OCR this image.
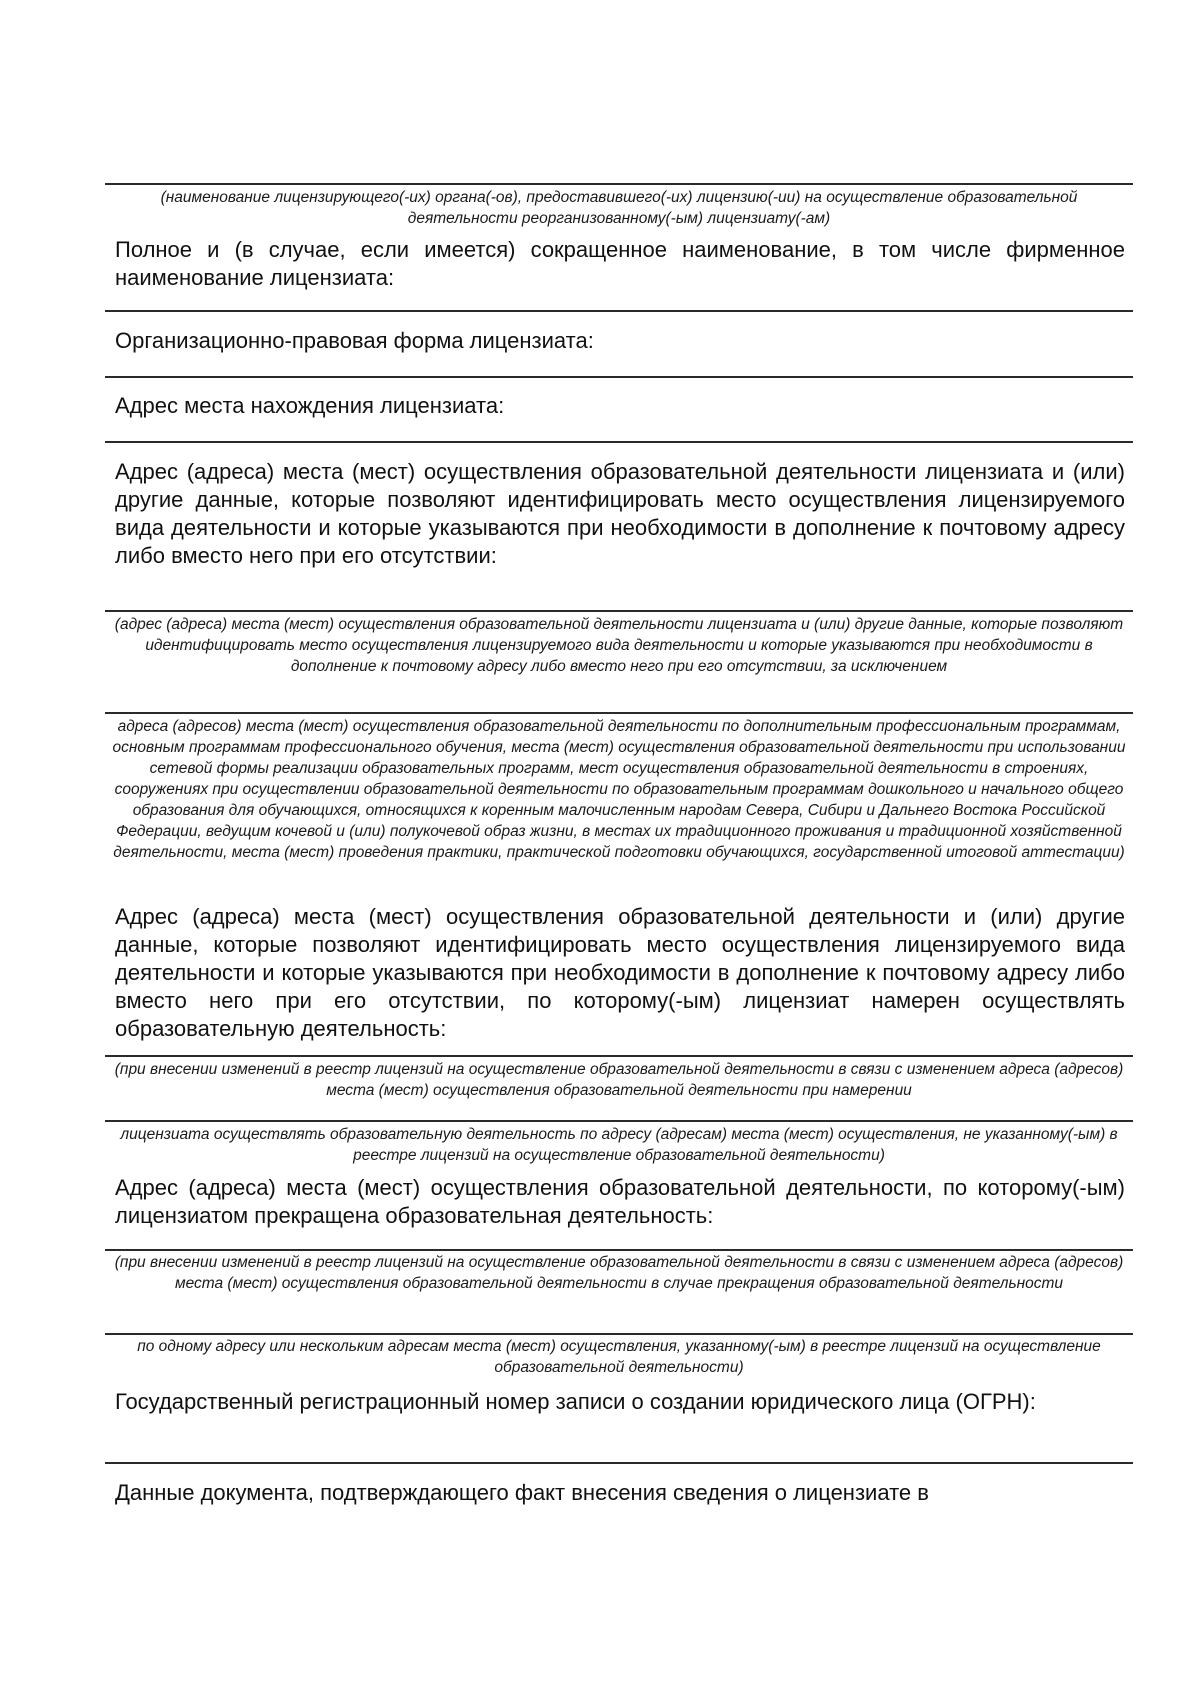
(наименование лицензирующего(-их) органа(-ов), предоставившего(-их) лицензию(-ии) на осуществление образовательной деятельности реорганизованному(-ым) лицензиату(-ам)
Полное и (в случае, если имеется) сокращенное наименование, в том числе фирменное наименование лицензиата:
Организационно-правовая форма лицензиата:
Адрес места нахождения лицензиата:
Адрес (адреса) места (мест) осуществления образовательной деятельности лицензиата и (или) другие данные, которые позволяют идентифицировать место осуществления лицензируемого вида деятельности и которые указываются при необходимости в дополнение к почтовому адресу либо вместо него при его отсутствии:
(адрес (адреса) места (мест) осуществления образовательной деятельности лицензиата и (или) другие данные, которые позволяют идентифицировать место осуществления лицензируемого вида деятельности и которые указываются при необходимости в дополнение к почтовому адресу либо вместо него при его отсутствии, за исключением
адреса (адресов) места (мест) осуществления образовательной деятельности по дополнительным профессиональным программам, основным программам профессионального обучения, места (мест) осуществления образовательной деятельности при использовании сетевой формы реализации образовательных программ, мест осуществления образовательной деятельности в строениях, сооружениях при осуществлении образовательной деятельности по образовательным программам дошкольного и начального общего образования для обучающихся, относящихся к коренным малочисленным народам Севера, Сибири и Дальнего Востока Российской Федерации, ведущим кочевой и (или) полукочевой образ жизни, в местах их традиционного проживания и традиционной хозяйственной деятельности, места (мест) проведения практики, практической подготовки обучающихся, государственной итоговой аттестации)
Адрес (адреса) места (мест) осуществления образовательной деятельности и (или) другие данные, которые позволяют идентифицировать место осуществления лицензируемого вида деятельности и которые указываются при необходимости в дополнение к почтовому адресу либо вместо него при его отсутствии, по которому(-ым) лицензиат намерен осуществлять образовательную деятельность:
(при внесении изменений в реестр лицензий на осуществление образовательной деятельности в связи с изменением адреса (адресов) места (мест) осуществления образовательной деятельности при намерении
лицензиата осуществлять образовательную деятельность по адресу (адресам) места (мест) осуществления, не указанному(-ым) в реестре лицензий на осуществление образовательной деятельности)
Адрес (адреса) места (мест) осуществления образовательной деятельности, по которому(-ым) лицензиатом прекращена образовательная деятельность:
(при внесении изменений в реестр лицензий на осуществление образовательной деятельности в связи с изменением адреса (адресов) места (мест) осуществления образовательной деятельности в случае прекращения образовательной деятельности
по одному адресу или нескольким адресам места (мест) осуществления, указанному(-ым) в реестре лицензий на осуществление образовательной деятельности)
Государственный регистрационный номер записи о создании юридического лица (ОГРН):
Данные документа, подтверждающего факт внесения сведения о лицензиате в
